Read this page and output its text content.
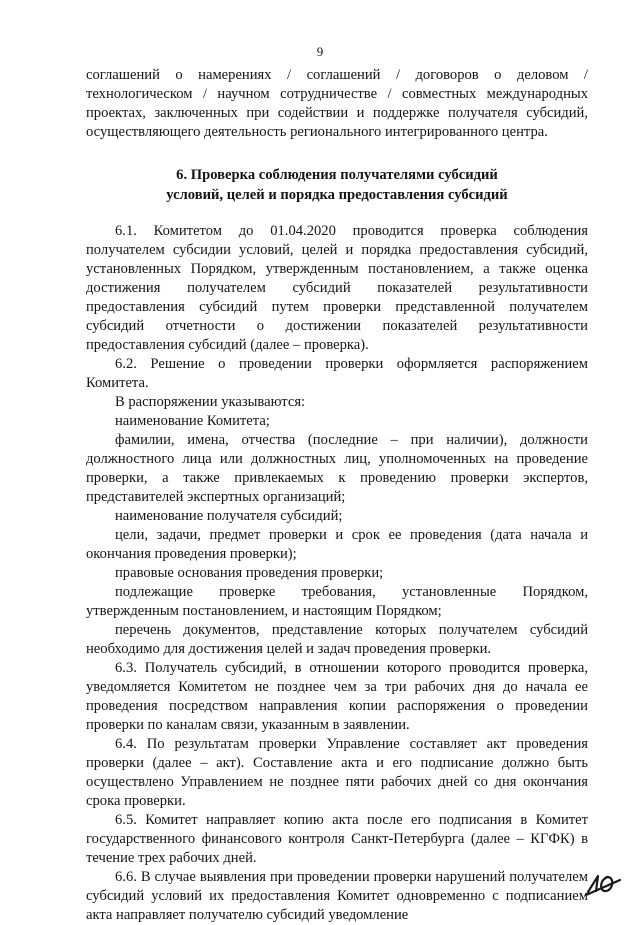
9

соглашений о намерениях / соглашений / договоров о деловом / технологическом / научном сотрудничестве / совместных международных проектах, заключенных при содействии и поддержке получателя субсидий, осуществляющего деятельность регионального интегрированного центра.

6. Проверка соблюдения получателями субсидий
условий, целей и порядка предоставления субсидий

6.1. Комитетом до 01.04.2020 проводится проверка соблюдения получателем субсидии условий, целей и порядка предоставления субсидий, установленных Порядком, утвержденным постановлением, а также оценка достижения получателем субсидий показателей результативности предоставления субсидий путем проверки представленной получателем субсидий отчетности о достижении показателей результативности предоставления субсидий (далее – проверка).

6.2. Решение о проведении проверки оформляется распоряжением Комитета.

В распоряжении указываются:

наименование Комитета;

фамилии, имена, отчества (последние – при наличии), должности должностного лица или должностных лиц, уполномоченных на проведение проверки, а также привлекаемых к проведению проверки экспертов, представителей экспертных организаций;

наименование получателя субсидий;

цели, задачи, предмет проверки и срок ее проведения (дата начала и окончания проведения проверки);

правовые основания проведения проверки;

подлежащие проверке требования, установленные Порядком, утвержденным постановлением, и настоящим Порядком;

перечень документов, представление которых получателем субсидий необходимо для достижения целей и задач проведения проверки.

6.3. Получатель субсидий, в отношении которого проводится проверка, уведомляется Комитетом не позднее чем за три рабочих дня до начала ее проведения посредством направления копии распоряжения о проведении проверки по каналам связи, указанным в заявлении.

6.4. По результатам проверки Управление составляет акт проведения проверки (далее – акт). Составление акта и его подписание должно быть осуществлено Управлением не позднее пяти рабочих дней со дня окончания срока проверки.

6.5. Комитет направляет копию акта после его подписания в Комитет государственного финансового контроля Санкт-Петербурга (далее – КГФК) в течение трех рабочих дней.

6.6. В случае выявления при проведении проверки нарушений получателем субсидий условий их предоставления Комитет одновременно с подписанием акта направляет получателю субсидий уведомление
